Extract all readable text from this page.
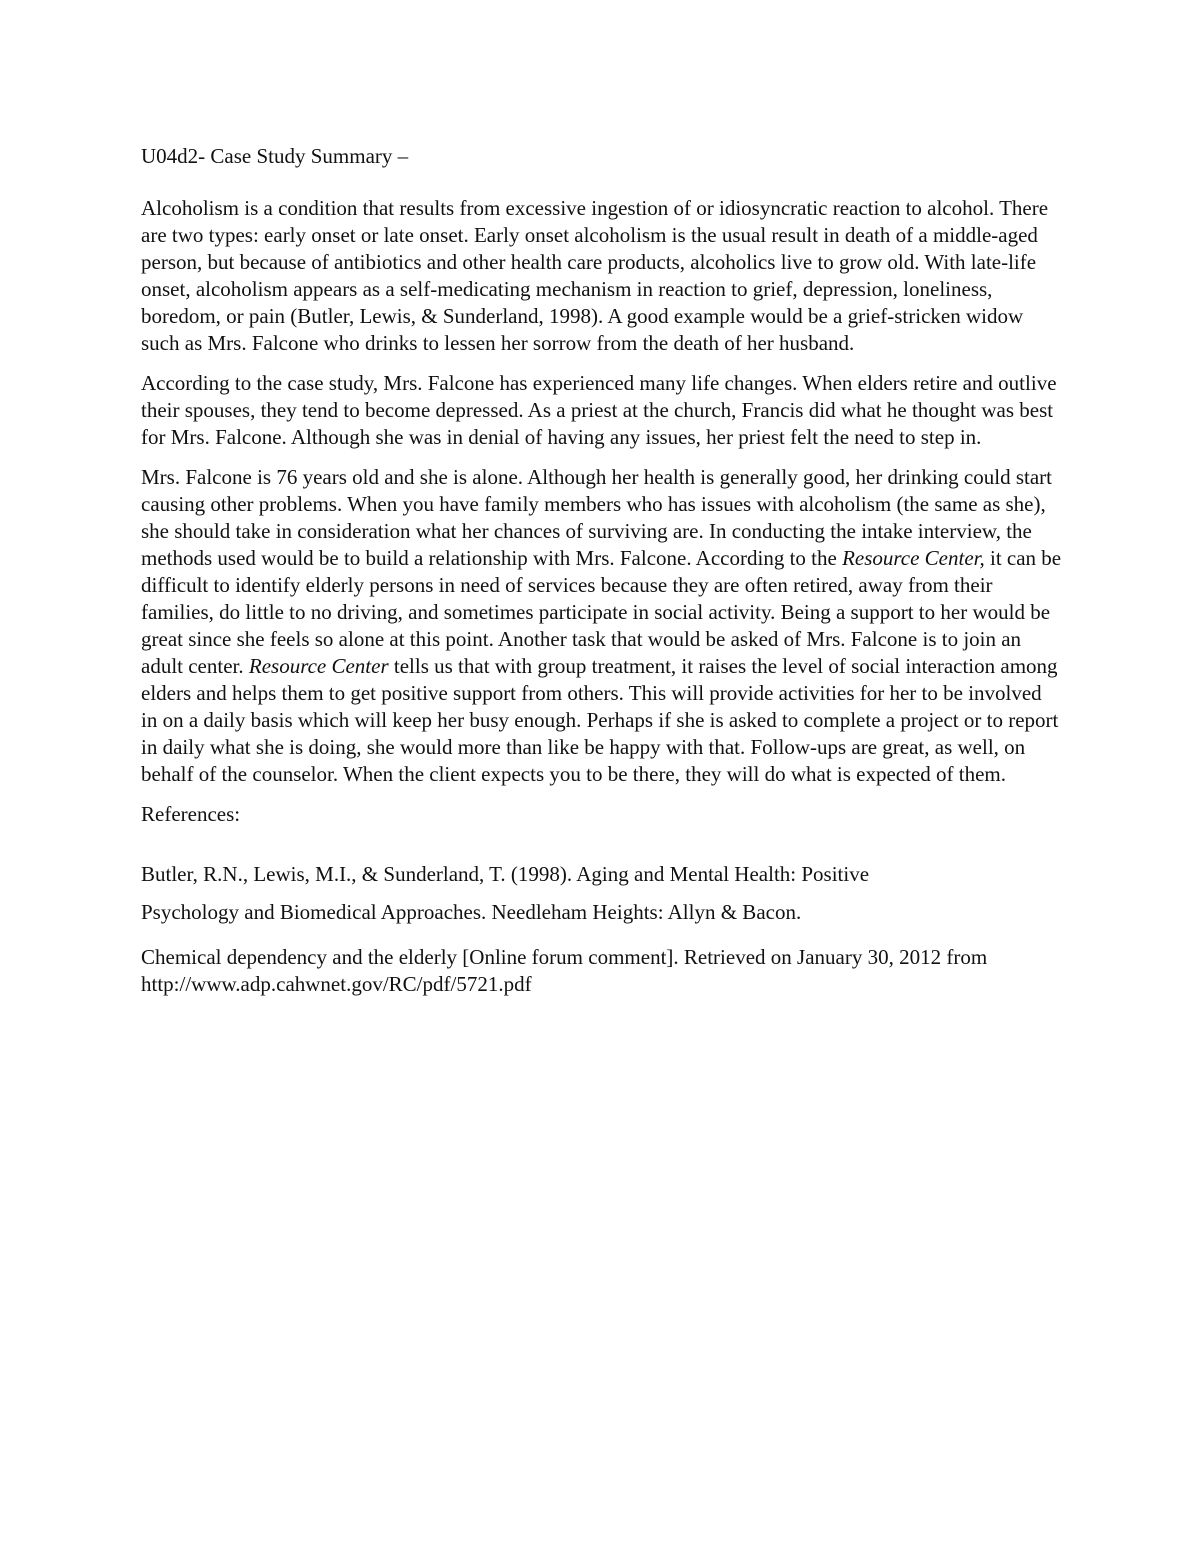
U04d2- Case Study Summary –

Alcoholism is a condition that results from excessive ingestion of or idiosyncratic reaction to alcohol. There are two types: early onset or late onset. Early onset alcoholism is the usual result in death of a middle-aged person, but because of antibiotics and other health care products, alcoholics live to grow old. With late-life onset, alcoholism appears as a self-medicating mechanism in reaction to grief, depression, loneliness, boredom, or pain (Butler, Lewis, & Sunderland, 1998). A good example would be a grief-stricken widow such as Mrs. Falcone who drinks to lessen her sorrow from the death of her husband.

According to the case study, Mrs. Falcone has experienced many life changes. When elders retire and outlive their spouses, they tend to become depressed. As a priest at the church, Francis did what he thought was best for Mrs. Falcone. Although she was in denial of having any issues, her priest felt the need to step in.

Mrs. Falcone is 76 years old and she is alone. Although her health is generally good, her drinking could start causing other problems. When you have family members who has issues with alcoholism (the same as she), she should take in consideration what her chances of surviving are. In conducting the intake interview, the methods used would be to build a relationship with Mrs. Falcone. According to the Resource Center, it can be difficult to identify elderly persons in need of services because they are often retired, away from their families, do little to no driving, and sometimes participate in social activity. Being a support to her would be great since she feels so alone at this point. Another task that would be asked of Mrs. Falcone is to join an adult center. Resource Center tells us that with group treatment, it raises the level of social interaction among elders and helps them to get positive support from others. This will provide activities for her to be involved in on a daily basis which will keep her busy enough. Perhaps if she is asked to complete a project or to report in daily what she is doing, she would more than like be happy with that. Follow-ups are great, as well, on behalf of the counselor. When the client expects you to be there, they will do what is expected of them.

References:
Butler, R.N., Lewis, M.I., & Sunderland, T. (1998). Aging and Mental Health: Positive
Psychology and Biomedical Approaches. Needleham Heights: Allyn & Bacon.

Chemical dependency and the elderly [Online forum comment]. Retrieved on January 30, 2012 from http://www.adp.cahwnet.gov/RC/pdf/5721.pdf
